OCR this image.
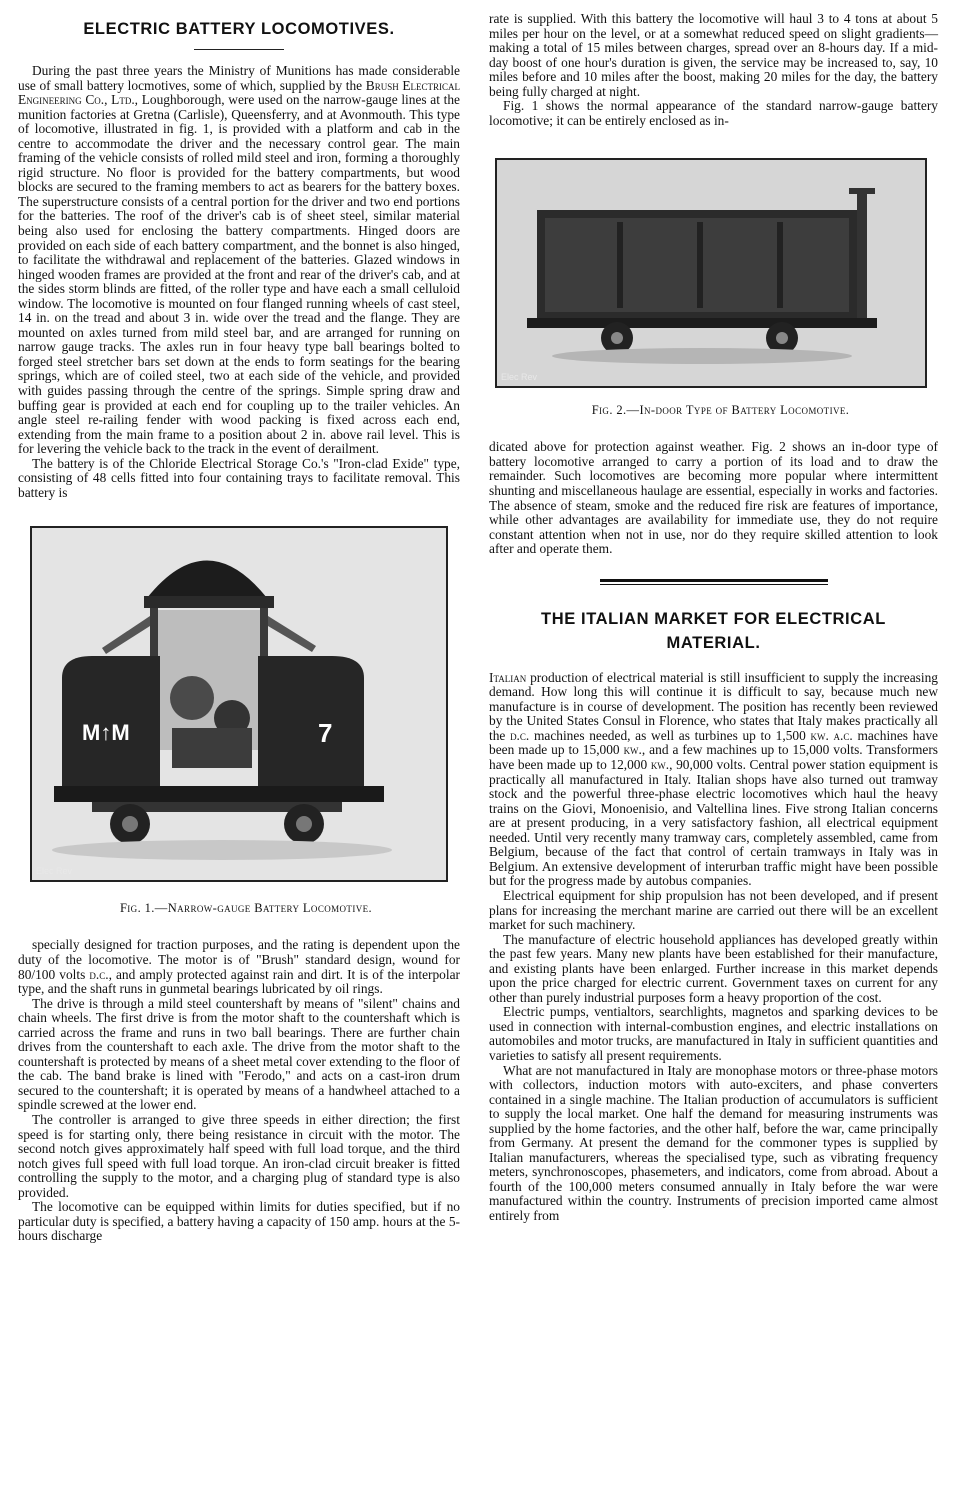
ELECTRIC BATTERY LOCOMOTIVES.

During the past three years the Ministry of Munitions has made considerable use of small battery locmotives, some of which, supplied by the Brush Electrical Engineering Co., Ltd., Loughborough, were used on the narrow-gauge lines at the munition factories at Gretna (Carlisle), Queensferry, and at Avonmouth. This type of locomotive, illustrated in fig. 1, is provided with a platform and cab in the centre to accommodate the driver and the necessary control gear. The main framing of the vehicle consists of rolled mild steel and iron, forming a thoroughly rigid structure. No floor is provided for the battery compartments, but wood blocks are secured to the framing members to act as bearers for the battery boxes. The superstructure consists of a central portion for the driver and two end portions for the batteries. The roof of the driver's cab is of sheet steel, similar material being also used for enclosing the battery compartments. Hinged doors are provided on each side of each battery compartment, and the bonnet is also hinged, to facilitate the withdrawal and replacement of the batteries. Glazed windows in hinged wooden frames are provided at the front and rear of the driver's cab, and at the sides storm blinds are fitted, of the roller type and have each a small celluloid window. The locomotive is mounted on four flanged running wheels of cast steel, 14 in. on the tread and about 3 in. wide over the tread and the flange. They are mounted on axles turned from mild steel bar, and are arranged for running on narrow gauge tracks. The axles run in four heavy type ball bearings bolted to forged steel stretcher bars set down at the ends to form seatings for the bearing springs, which are of coiled steel, two at each side of the vehicle, and provided with guides passing through the centre of the springs. Simple spring draw and buffing gear is provided at each end for coupling up to the trailer vehicles. An angle steel re-railing fender with wood packing is fixed across each end, extending from the main frame to a position about 2 in. above rail level. This is for levering the vehicle back to the track in the event of derailment.

The battery is of the Chloride Electrical Storage Co.'s "Iron-clad Exide" type, consisting of 48 cells fitted into four containing trays to facilitate removal. This battery is

M↑M	7
Elec Rev

Fig. 1.—Narrow-gauge Battery Locomotive.

specially designed for traction purposes, and the rating is dependent upon the duty of the locomotive. The motor is of "Brush" standard design, wound for 80/100 volts d.c., and amply protected against rain and dirt. It is of the interpolar type, and the shaft runs in gunmetal bearings lubricated by oil rings.

The drive is through a mild steel countershaft by means of "silent" chains and chain wheels. The first drive is from the motor shaft to the countershaft which is carried across the frame and runs in two ball bearings. There are further chain drives from the countershaft to each axle. The drive from the motor shaft to the countershaft is protected by means of a sheet metal cover extending to the floor of the cab. The band brake is lined with "Ferodo," and acts on a cast-iron drum secured to the countershaft; it is operated by means of a handwheel attached to a spindle screwed at the lower end.

The controller is arranged to give three speeds in either direction; the first speed is for starting only, there being resistance in circuit with the motor. The second notch gives approximately half speed with full load torque, and the third notch gives full speed with full load torque. An iron-clad circuit breaker is fitted controlling the supply to the motor, and a charging plug of standard type is also provided.

The locomotive can be equipped within limits for duties specified, but if no particular duty is specified, a battery having a capacity of 150 amp. hours at the 5-hours discharge

rate is supplied. With this battery the locomotive will haul 3 to 4 tons at about 5 miles per hour on the level, or at a somewhat reduced speed on slight gradients—making a total of 15 miles between charges, spread over an 8-hours day. If a mid-day boost of one hour's duration is given, the service may be increased to, say, 10 miles before and 10 miles after the boost, making 20 miles for the day, the battery being fully charged at night.

Fig. 1 shows the normal appearance of the standard narrow-gauge battery locomotive; it can be entirely enclosed as in-

Elec Rev

Fig. 2.—In-door Type of Battery Locomotive.

dicated above for protection against weather. Fig. 2 shows an in-door type of battery locomotive arranged to carry a portion of its load and to draw the remainder. Such locomotives are becoming more popular where intermittent shunting and miscellaneous haulage are essential, especially in works and factories. The absence of steam, smoke and the reduced fire risk are features of importance, while other advantages are availability for immediate use, they do not require constant attention when not in use, nor do they require skilled attention to look after and operate them.

THE ITALIAN MARKET FOR ELECTRICAL MATERIAL.

Italian production of electrical material is still insufficient to supply the increasing demand. How long this will continue it is difficult to say, because much new manufacture is in course of development. The position has recently been reviewed by the United States Consul in Florence, who states that Italy makes practically all the d.c. machines needed, as well as turbines up to 1,500 kw. a.c. machines have been made up to 15,000 kw., and a few machines up to 15,000 volts. Transformers have been made up to 12,000 kw., 90,000 volts. Central power station equipment is practically all manufactured in Italy. Italian shops have also turned out tramway stock and the powerful three-phase electric locomotives which haul the heavy trains on the Giovi, Monoenisio, and Valtellina lines. Five strong Italian concerns are at present producing, in a very satisfactory fashion, all electrical equipment needed. Until very recently many tramway cars, completely assembled, came from Belgium, because of the fact that control of certain tramways in Italy was in Belgium. An extensive development of interurban traffic might have been possible but for the progress made by autobus companies.

Electrical equipment for ship propulsion has not been developed, and if present plans for increasing the merchant marine are carried out there will be an excellent market for such machinery.

The manufacture of electric household appliances has developed greatly within the past few years. Many new plants have been established for their manufacture, and existing plants have been enlarged. Further increase in this market depends upon the price charged for electric current. Government taxes on current for any other than purely industrial purposes form a heavy proportion of the cost.

Electric pumps, ventialtors, searchlights, magnetos and sparking devices to be used in connection with internal-combustion engines, and electric installations on automobiles and motor trucks, are manufactured in Italy in sufficient quantities and varieties to satisfy all present requirements.

What are not manufactured in Italy are monophase motors or three-phase motors with collectors, induction motors with auto-exciters, and phase converters contained in a single machine. The Italian production of accumulators is sufficient to supply the local market. One half the demand for measuring instruments was supplied by the home factories, and the other half, before the war, came principally from Germany. At present the demand for the commoner types is supplied by Italian manufacturers, whereas the specialised type, such as vibrating frequency meters, synchronoscopes, phasemeters, and indicators, come from abroad. About a fourth of the 100,000 meters consumed annually in Italy before the war were manufactured within the country. Instruments of precision imported came almost entirely from
